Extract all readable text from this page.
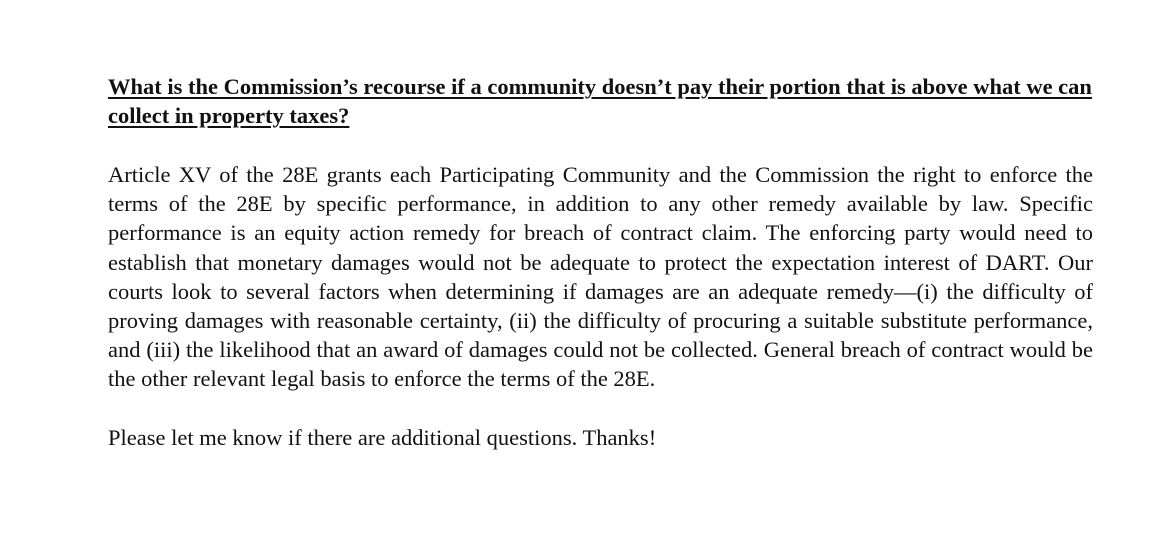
What is the Commission’s recourse if a community doesn’t pay their portion that is above what we can collect in property taxes?

Article XV of the 28E grants each Participating Community and the Commission the right to enforce the terms of the 28E by specific performance, in addition to any other remedy available by law. Specific performance is an equity action remedy for breach of contract claim. The enforcing party would need to establish that monetary damages would not be adequate to protect the expectation interest of DART. Our courts look to several factors when determining if damages are an adequate remedy—(i) the difficulty of proving damages with reasonable certainty, (ii) the difficulty of procuring a suitable substitute performance, and (iii) the likelihood that an award of damages could not be collected. General breach of contract would be the other relevant legal basis to enforce the terms of the 28E.

Please let me know if there are additional questions. Thanks!
